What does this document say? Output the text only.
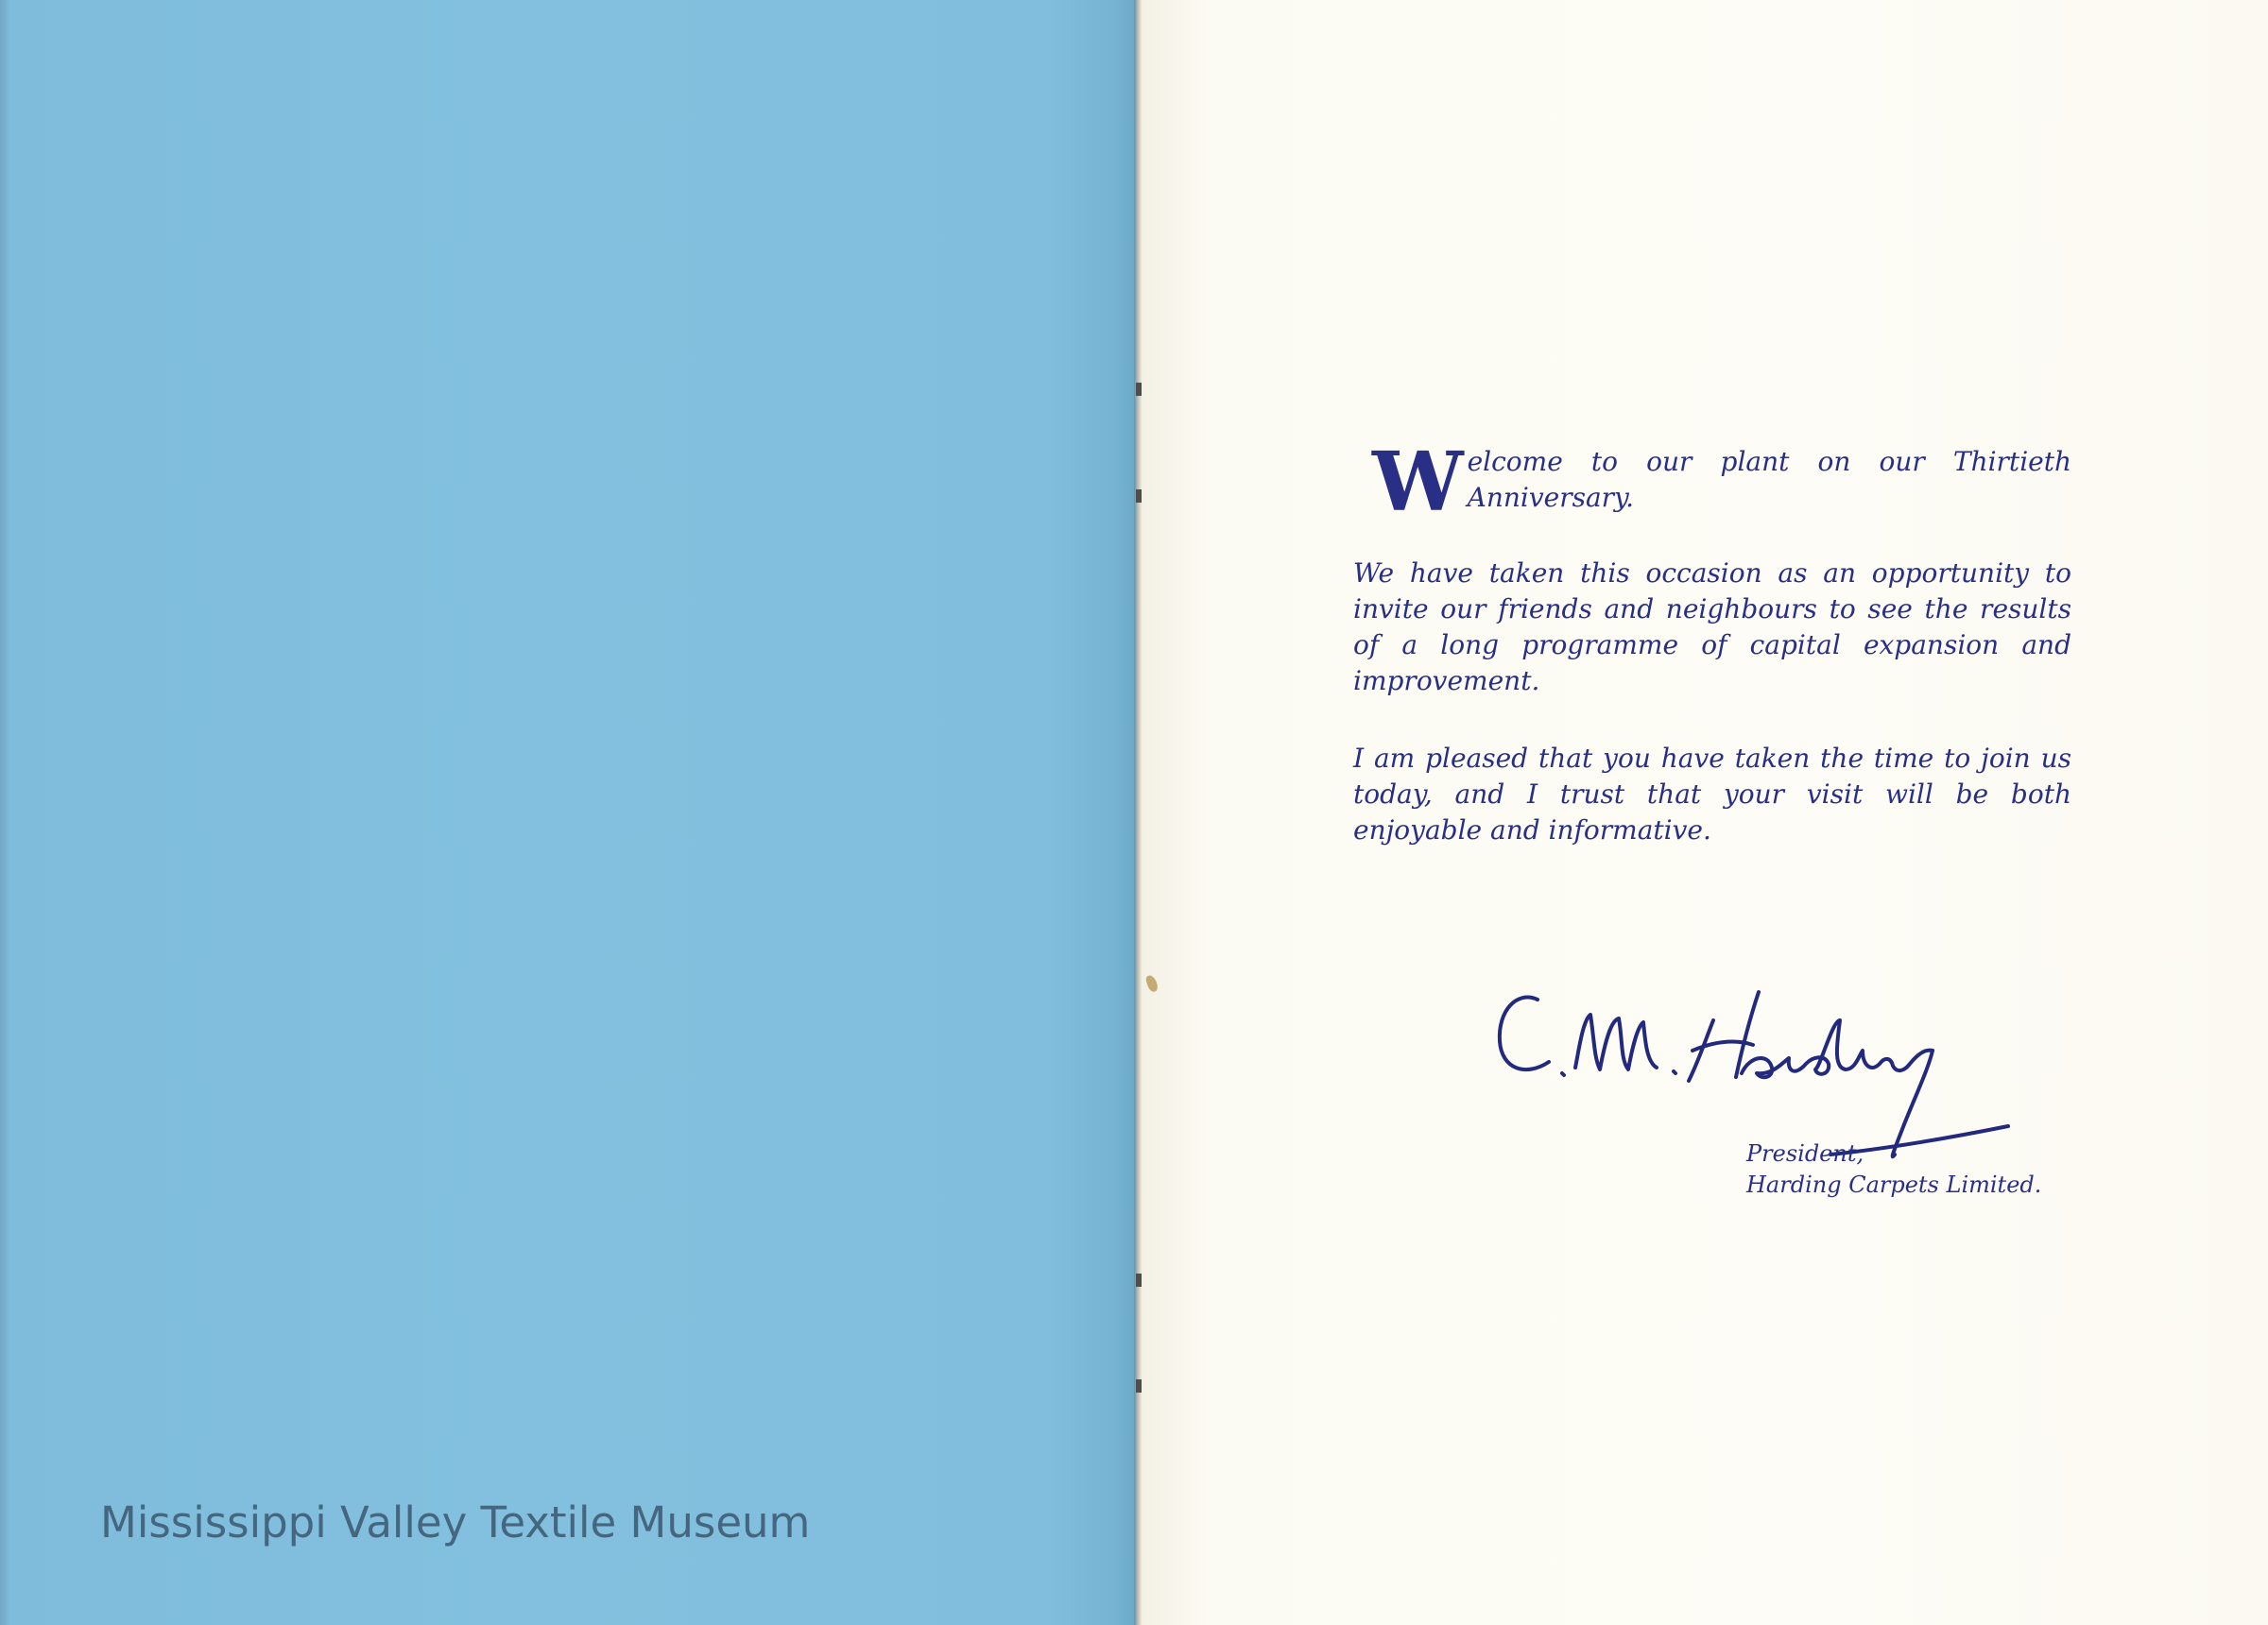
Mississippi Valley Textile Museum

Welcome to our plant on our Thirtieth Anniversary.

We have taken this occasion as an opportunity to invite our friends and neighbours to see the results of a long programme of capital expansion and improvement.

I am pleased that you have taken the time to join us today, and I trust that your visit will be both enjoyable and informative.

President,
Harding Carpets Limited.
